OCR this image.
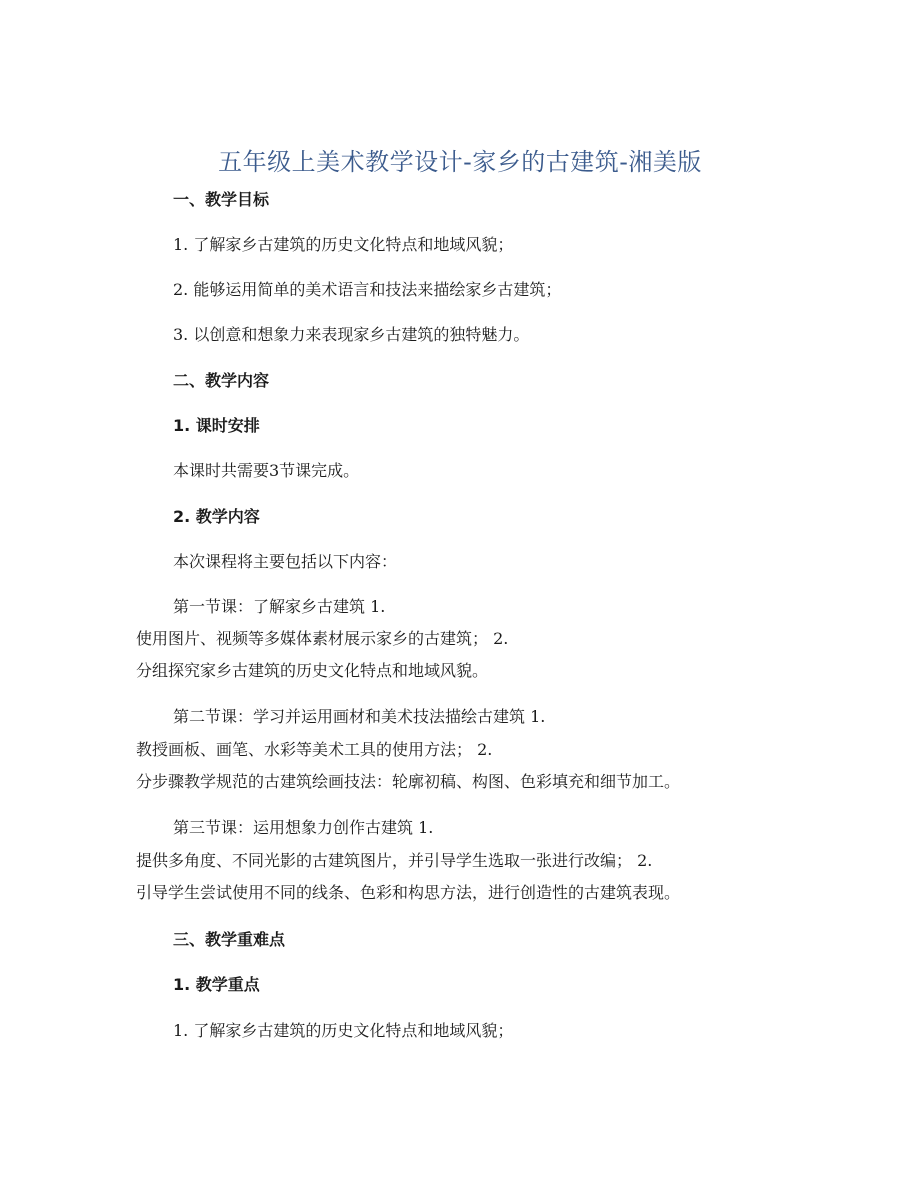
五年级上美术教学设计-家乡的古建筑-湘美版
一、教学目标
1. 了解家乡古建筑的历史文化特点和地域风貌；
2. 能够运用简单的美术语言和技法来描绘家乡古建筑；
3. 以创意和想象力来表现家乡古建筑的独特魅力。
二、教学内容
1. 课时安排
本课时共需要3节课完成。
2. 教学内容
本次课程将主要包括以下内容：
第一节课：了解家乡古建筑 1.
使用图片、视频等多媒体素材展示家乡的古建筑； 2.
分组探究家乡古建筑的历史文化特点和地域风貌。
第二节课：学习并运用画材和美术技法描绘古建筑 1.
教授画板、画笔、水彩等美术工具的使用方法； 2.
分步骤教学规范的古建筑绘画技法：轮廓初稿、构图、色彩填充和细节加工。
第三节课：运用想象力创作古建筑 1.
提供多角度、不同光影的古建筑图片，并引导学生选取一张进行改编； 2.
引导学生尝试使用不同的线条、色彩和构思方法，进行创造性的古建筑表现。
三、教学重难点
1. 教学重点
1. 了解家乡古建筑的历史文化特点和地域风貌；
